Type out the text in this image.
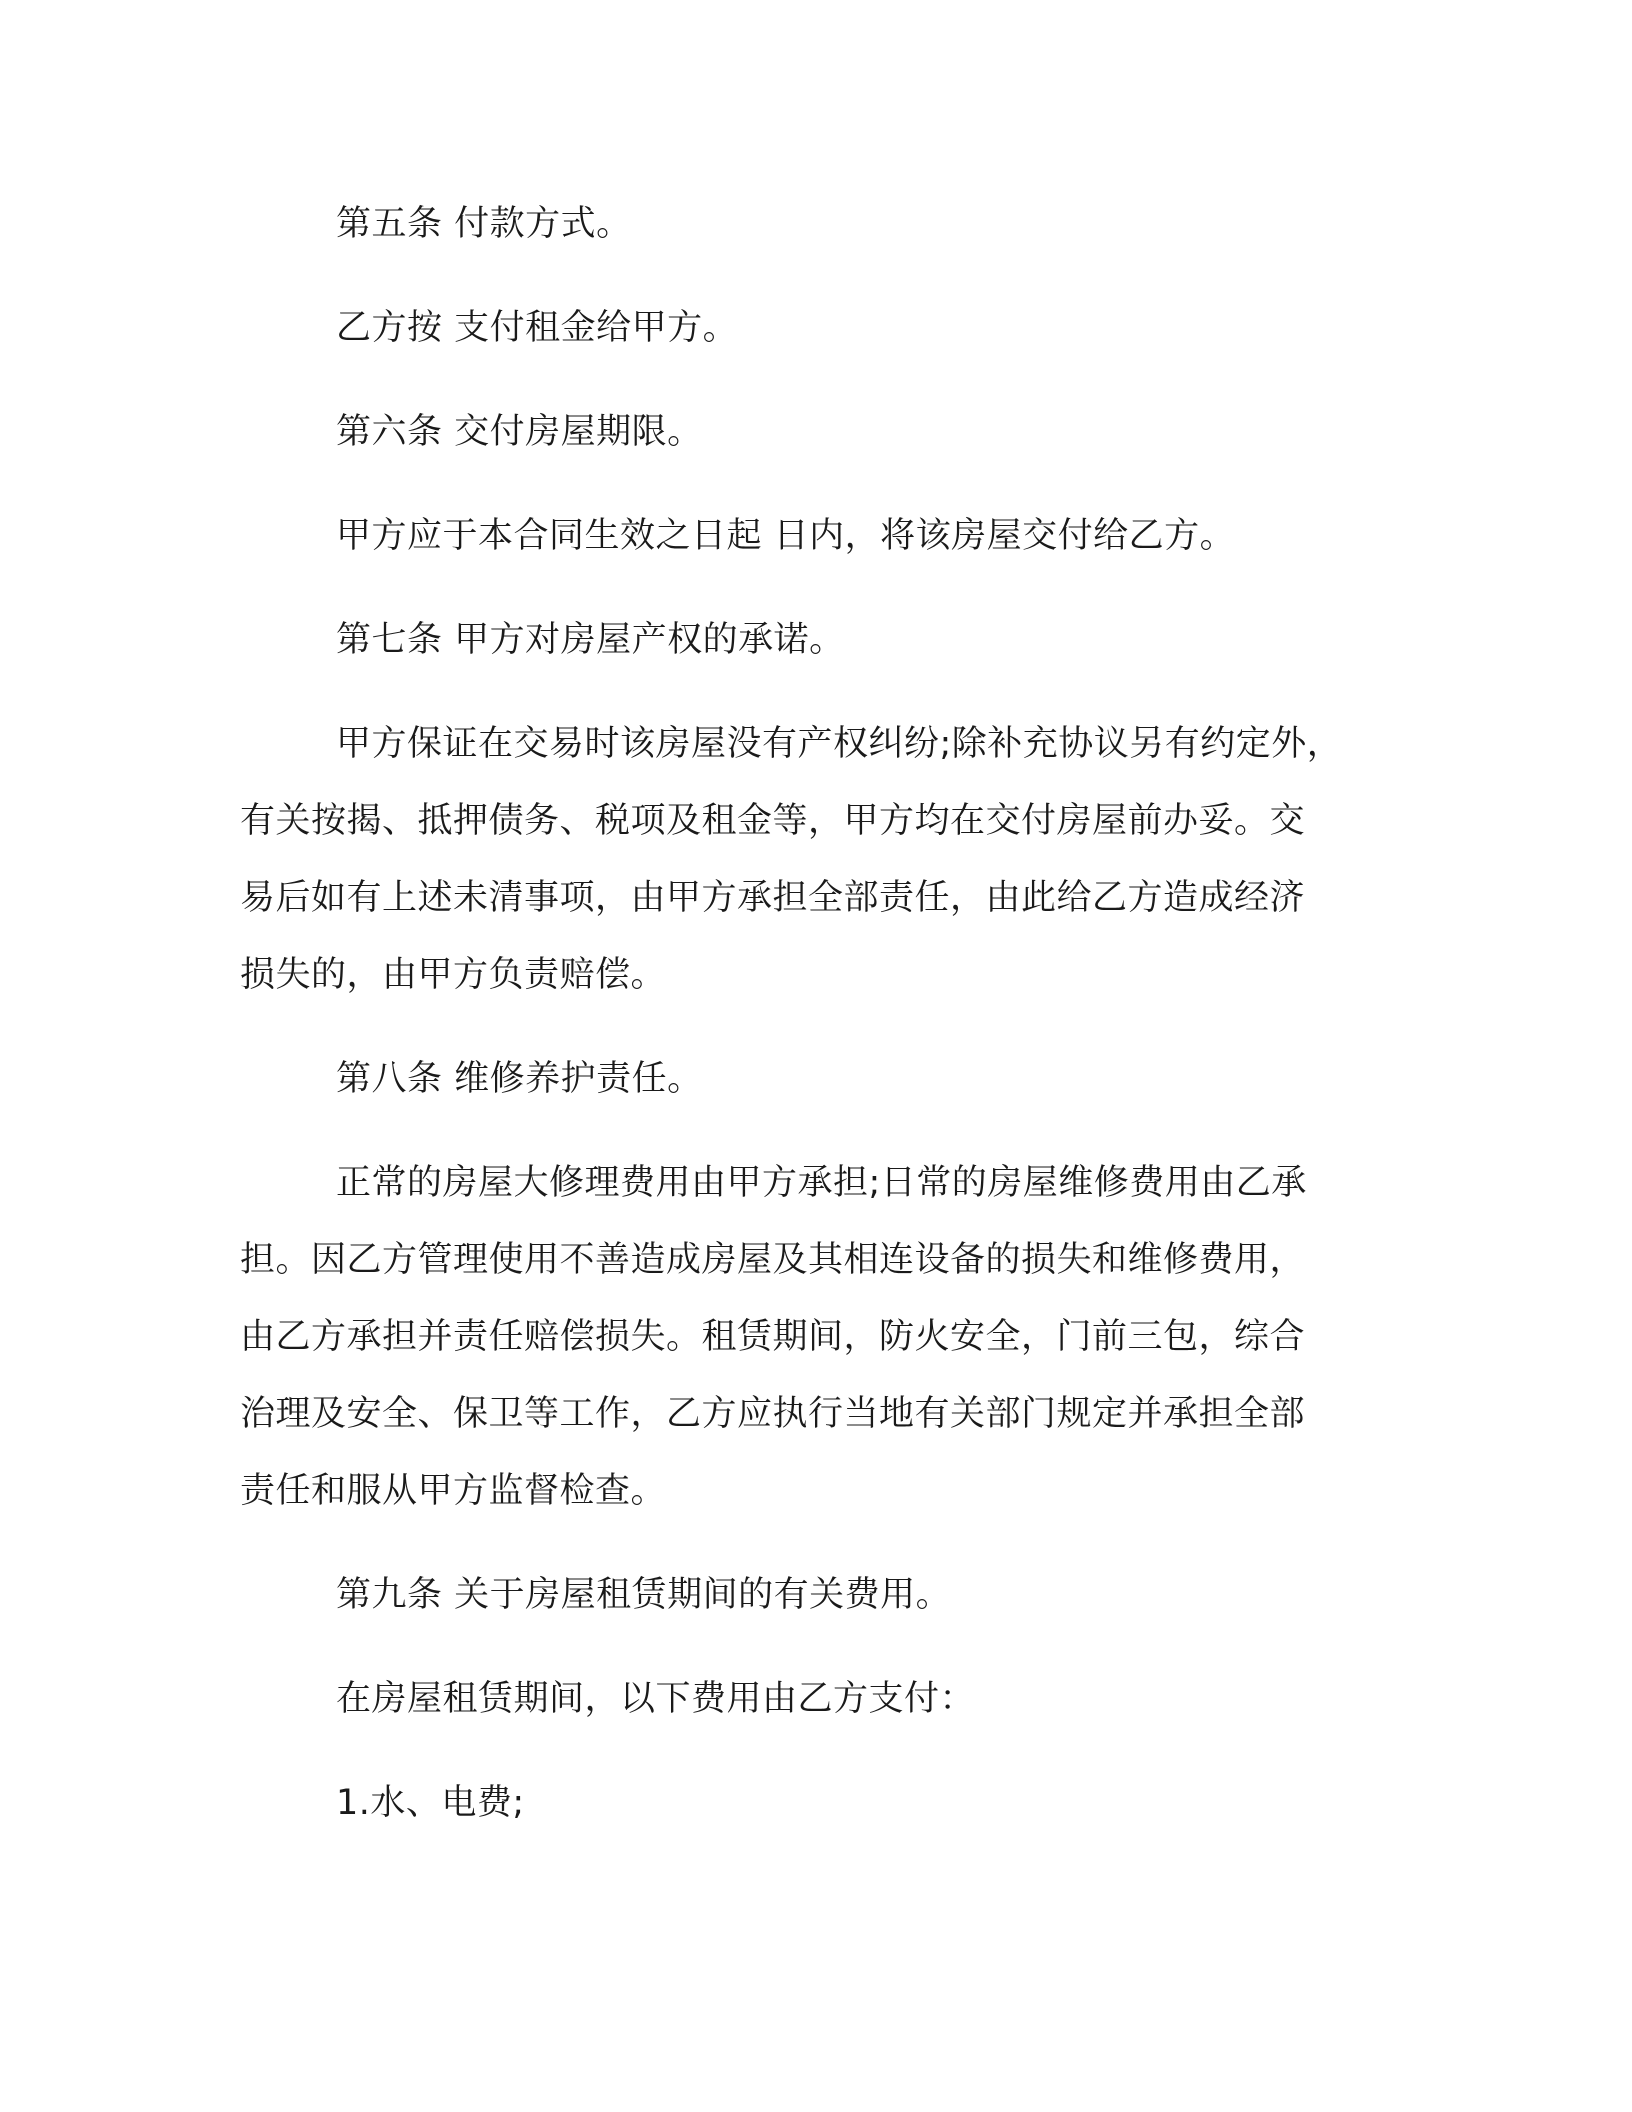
第五条 付款方式。

乙方按 支付租金给甲方。

第六条 交付房屋期限。

甲方应于本合同生效之日起 日内，将该房屋交付给乙方。

第七条 甲方对房屋产权的承诺。

甲方保证在交易时该房屋没有产权纠纷;除补充协议另有约定外，
有关按揭、抵押债务、税项及租金等，甲方均在交付房屋前办妥。交
易后如有上述未清事项，由甲方承担全部责任，由此给乙方造成经济
损失的，由甲方负责赔偿。

第八条 维修养护责任。

正常的房屋大修理费用由甲方承担;日常的房屋维修费用由乙承
担。因乙方管理使用不善造成房屋及其相连设备的损失和维修费用，
由乙方承担并责任赔偿损失。租赁期间，防火安全，门前三包，综合
治理及安全、保卫等工作，乙方应执行当地有关部门规定并承担全部
责任和服从甲方监督检查。

第九条 关于房屋租赁期间的有关费用。

在房屋租赁期间，以下费用由乙方支付：

1.水、电费;
